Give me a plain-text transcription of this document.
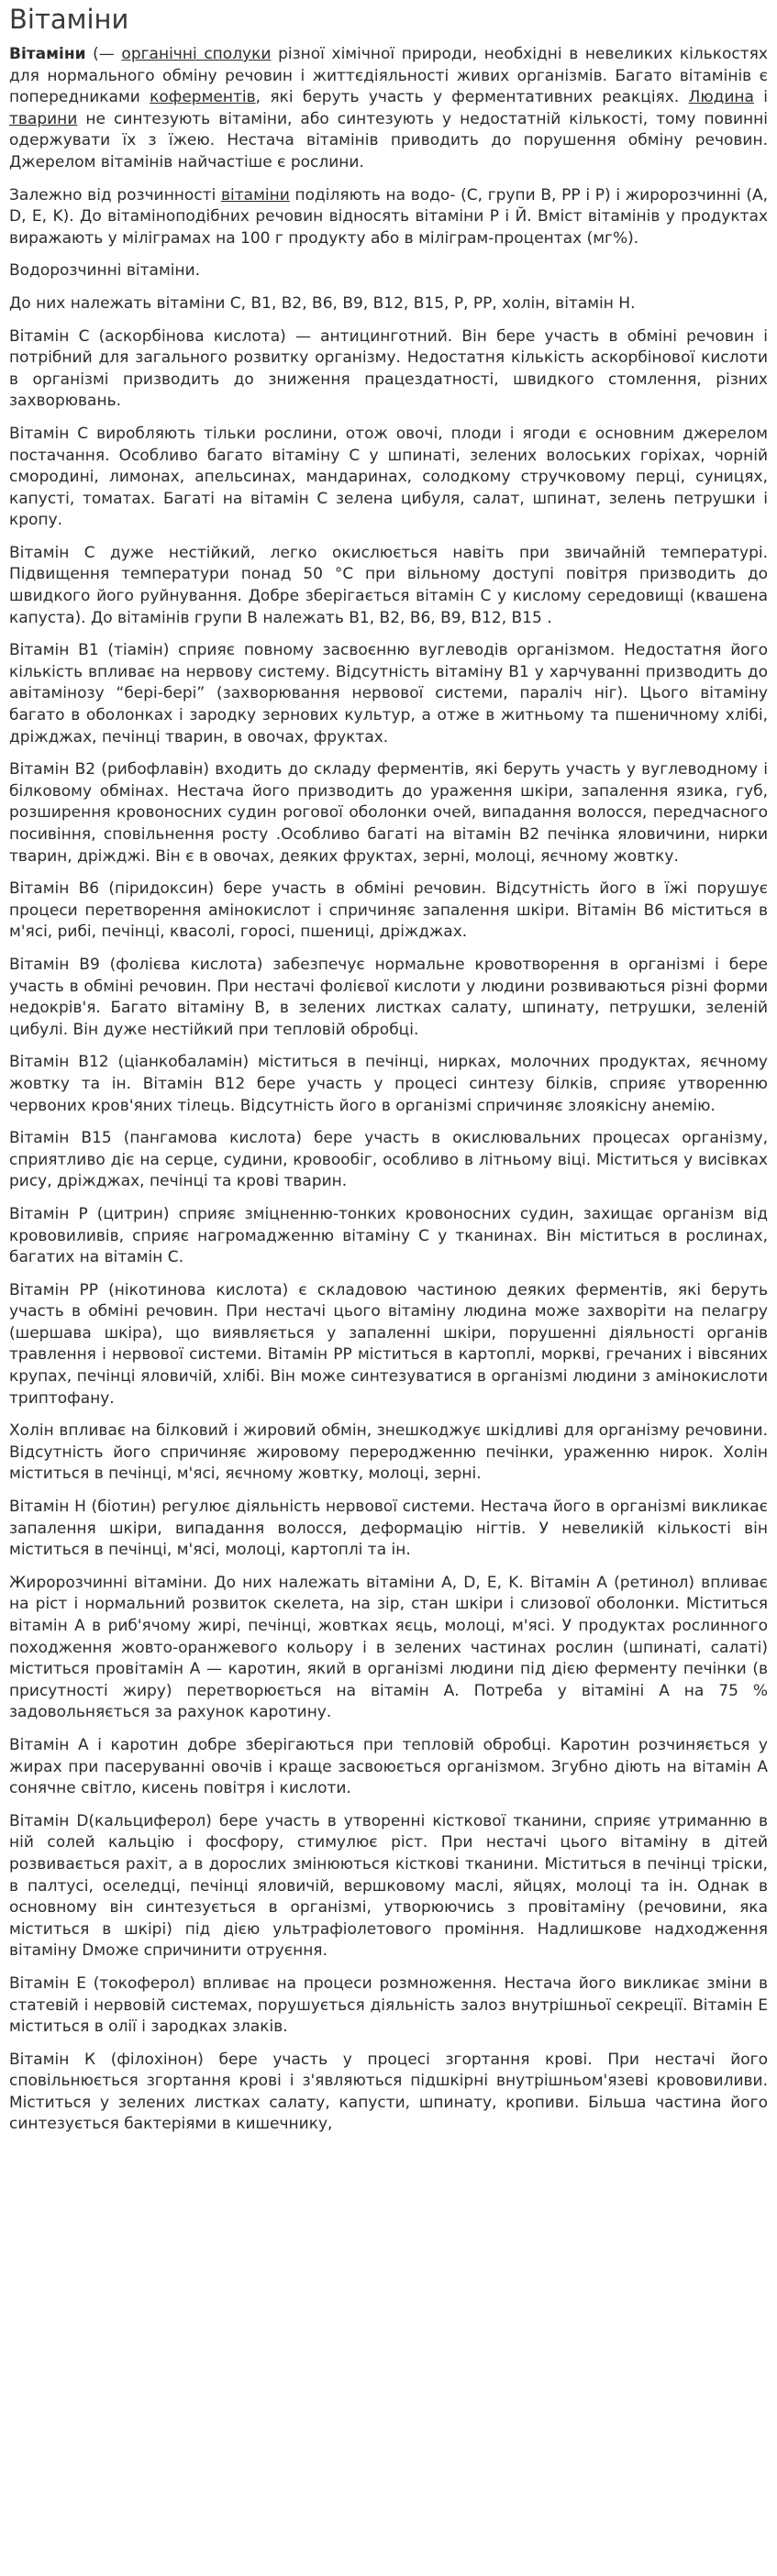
Вітаміни

Вітаміни (— органічні сполуки різної хімічної природи, необхідні в невеликих кількостях для нормального обміну речовин і життєдіяльності живих організмів. Багато вітамінів є попередниками коферментів, які беруть участь у ферментативних реакціях. Людина і тварини не синтезують вітаміни, або синтезують у недостатній кількості, тому повинні одержувати їх з їжею. Нестача вітамінів приводить до порушення обміну речовин. Джерелом вітамінів найчастіше є рослини.

Залежно від розчинності вітаміни поділяють на водо- (С, групи В, РР і Р) і жиророзчинні (А, D, E, K). До вітаміноподібних речовин відносять вітаміни Р і Й. Вміст вітамінів у продуктах виражають у міліграмах на 100 г продукту або в міліграм-процентах (мг%).

Водорозчинні вітаміни.

До них належать вітаміни С, В1, В2, В6, В9, В12, В15, Р, РР, холін, вітамін Н.

Вітамін С (аскорбінова кислота) — антицинготний. Він бере участь в обміні речовин і потрібний для загального розвитку організму. Недостатня кількість аскорбінової кислоти в організмі призводить до зниження працездатності, швидкого стомлення, різних захворювань.

Вітамін С виробляють тільки рослини, отож овочі, плоди і ягоди є основним джерелом постачання. Особливо багато вітаміну С у шпинаті, зелених волоських горіхах, чорній смородині, лимонах, апельсинах, мандаринах, солодкому стручковому перці, суницях, капусті, томатах. Багаті на вітамін С зелена цибуля, салат, шпинат, зелень петрушки і кропу.

Вітамін С дуже нестійкий, легко окислюється навіть при звичайній температурі. Підвищення температури понад 50 °С при вільному доступі повітря призводить до швидкого його руйнування. Добре зберігається вітамін С у кислому середовищі (квашена капуста). До вітамінів групи В належать В1, В2, В6, В9, В12, В15 .

Вітамін В1 (тіамін) сприяє повному засвоєнню вуглеводів організмом. Недостатня його кількість впливає на нервову систему. Відсутність вітаміну В1 у харчуванні призводить до авітамінозу “бері-бері” (захворювання нервової системи, параліч ніг). Цього вітаміну багато в оболонках і зародку зернових культур, а отже в житньому та пшеничному хлібі, дріжджах, печінці тварин, в овочах, фруктах.

Вітамін В2 (рибофлавін) входить до складу ферментів, які беруть участь у вуглеводному і білковому обмінах. Нестача його призводить до ураження шкіри, запалення язика, губ, розширення кровоносних судин рогової оболонки очей, випадання волосся, передчасного посивіння, сповільнення росту .Особливо багаті на вітамін В2 печінка яловичини, нирки тварин, дріжджі. Він є в овочах, деяких фруктах, зерні, молоці, яєчному жовтку.

Вітамін В6 (піридоксин) бере участь в обміні речовин. Відсутність його в їжі порушує процеси перетворення амінокислот і спричиняє запалення шкіри. Вітамін В6 міститься в м'ясі, рибі, печінці, квасолі, горосі, пшениці, дріжджах.

Вітамін В9 (фолієва кислота) забезпечує нормальне кровотворення в організмі і бере участь в обміні речовин. При нестачі фолієвої кислоти у людини розвиваються різні форми недокрів'я. Багато вітаміну В, в зелених листках салату, шпинату, петрушки, зеленій цибулі. Він дуже нестійкий при тепловій обробці.

Вітамін В12 (ціанкобаламін) міститься в печінці, нирках, молочних продуктах, яєчному жовтку та ін. Вітамін В12 бере участь у процесі синтезу білків, сприяє утворенню червоних кров'яних тілець. Відсутність його в організмі спричиняє злоякісну анемію.

Вітамін В15 (пангамова кислота) бере участь в окислювальних процесах організму, сприятливо діє на серце, судини, кровообіг, особливо в літньому віці. Міститься у висівках рису, дріжджах, печінці та крові тварин.

Вітамін Р (цитрин) сприяє зміцненню-тонких кровоносних судин, захищає організм від крововиливів, сприяє нагромадженню вітаміну С у тканинах. Він міститься в рослинах, багатих на вітамін С.

Вітамін РР (нікотинова кислота) є складовою частиною деяких ферментів, які беруть участь в обміні речовин. При нестачі цього вітаміну людина може захворіти на пелагру (шершава шкіра), що виявляється у запаленні шкіри, порушенні діяльності органів травлення і нервової системи. Вітамін РР міститься в картоплі, моркві, гречаних і вівсяних крупах, печінці яловичій, хлібі. Він може синтезуватися в організмі людини з амінокислоти триптофану.

Холін впливає на білковий і жировий обмін, знешкоджує шкідливі для організму речовини. Відсутність його спричиняє жировому переродженню печінки, ураженню нирок. Холін міститься в печінці, м'ясі, яєчному жовтку, молоці, зерні.

Вітамін Н (біотин) регулює діяльність нервової системи. Нестача його в організмі викликає запалення шкіри, випадання волосся, деформацію нігтів. У невеликій кількості він міститься в печінці, м'ясі, молоці, картоплі та ін.

Жиророзчинні вітаміни. До них належать вітаміни А, D, E, K. Вітамін А (ретинол) впливає на ріст і нормальний розвиток скелета, на зір, стан шкіри і слизової оболонки. Міститься вітамін А в риб'ячому жирі, печінці, жовтках яєць, молоці, м'ясі. У продуктах рослинного походження жовто-оранжевого кольору і в зелених частинах рослин (шпинаті, салаті) міститься провітамін А — каротин, який в організмі людини під дією ферменту печінки (в присутності жиру) перетворюється на вітамін А. Потреба у вітаміні А на 75 % задовольняється за рахунок каротину.

Вітамін А і каротин добре зберігаються при тепловій обробці. Каротин розчиняється у жирах при пасеруванні овочів і краще засвоюється організмом. Згубно діють на вітамін А сонячне світло, кисень повітря і кислоти.

Вітамін D(кальциферол) бере участь в утворенні кісткової тканини, сприяє утриманню в ній солей кальцію і фосфору, стимулює ріст. При нестачі цього вітаміну в дітей розвивається рахіт, а в дорослих змінюються кісткові тканини. Міститься в печінці тріски, в палтусі, оселедці, печінці яловичій, вершковому маслі, яйцях, молоці та ін. Однак в основному він синтезується в організмі, утворюючись з провітаміну (речовини, яка міститься в шкірі) під дією ультрафіолетового проміння. Надлишкове надходження вітаміну Dможе спричинити отруєння.

Вітамін Е (токоферол) впливає на процеси розмноження. Нестача його викликає зміни в статевій і нервовій системах, порушується діяльність залоз внутрішньої секреції. Вітамін Е міститься в олії і зародках злаків.

Вітамін К (філохінон) бере участь у процесі згортання крові. При нестачі його сповільнюється згортання крові і з'являються підшкірні внутрішньом'язеві крововиливи. Міститься у зелених листках салату, капусти, шпинату, кропиви. Більша частина його синтезується бактеріями в кишечнику,
